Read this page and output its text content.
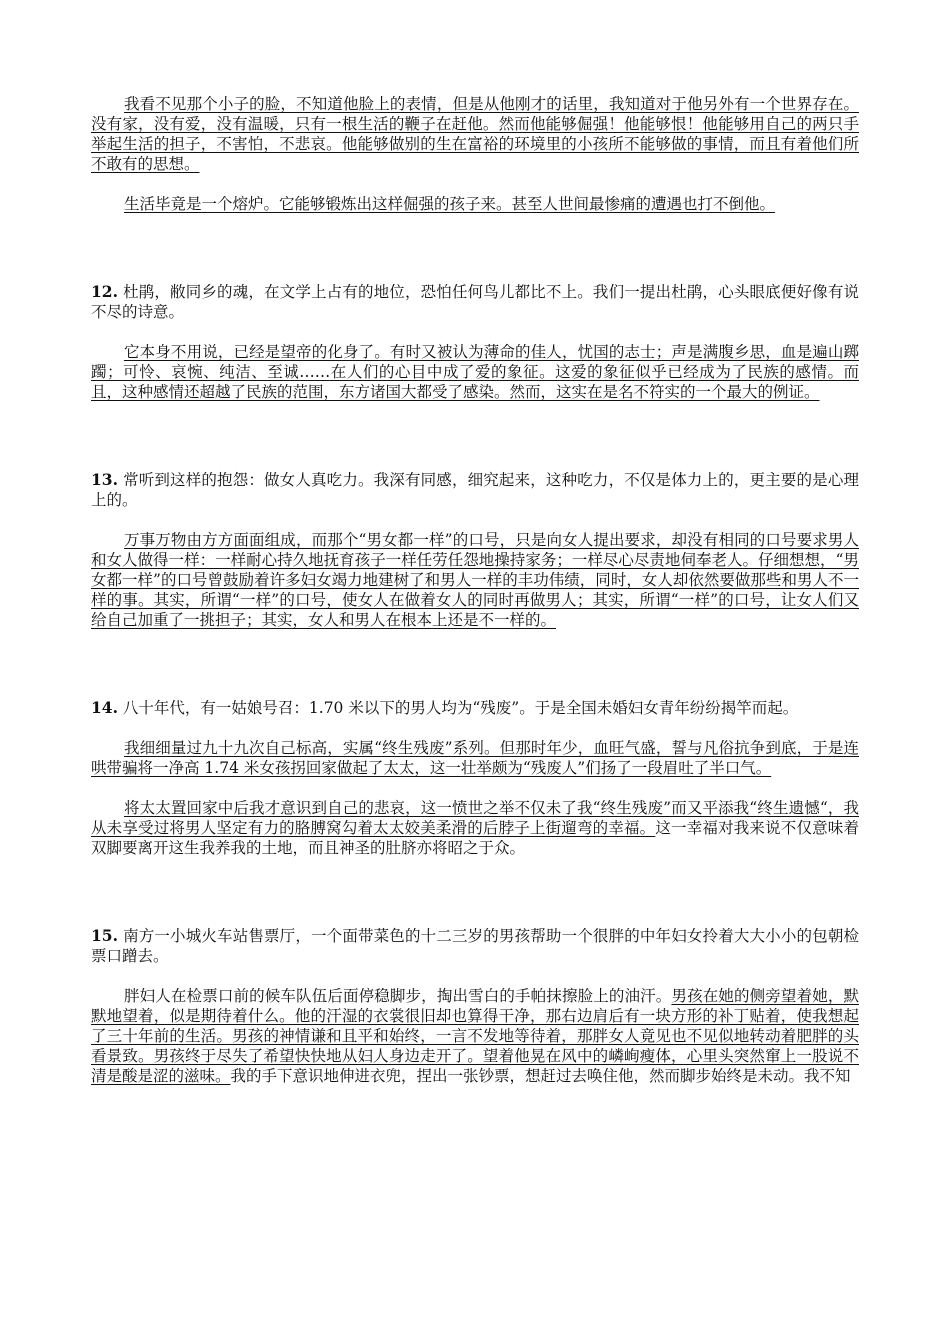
我看不见那个小子的脸，不知道他脸上的表情，但是从他刚才的话里，我知道对于他另外有一个世界存在。没有家，没有爱，没有温暖，只有一根生活的鞭子在赶他。然而他能够倔强！他能够恨！他能够用自己的两只手举起生活的担子，不害怕，不悲哀。他能够做别的生在富裕的环境里的小孩所不能够做的事情，而且有着他们所不敢有的思想。

生活毕竟是一个熔炉。它能够锻炼出这样倔强的孩子来。甚至人世间最惨痛的遭遇也打不倒他。

12. 杜鹃，敝同乡的魂，在文学上占有的地位，恐怕任何鸟儿都比不上。我们一提出杜鹃，心头眼底便好像有说不尽的诗意。

它本身不用说，已经是望帝的化身了。有时又被认为薄命的佳人，忧国的志士；声是满腹乡思，血是遍山踯躅；可怜、哀惋、纯洁、至诚……在人们的心目中成了爱的象征。这爱的象征似乎已经成为了民族的感情。而且，这种感情还超越了民族的范围，东方诸国大都受了感染。然而，这实在是名不符实的一个最大的例证。

13. 常听到这样的抱怨：做女人真吃力。我深有同感，细究起来，这种吃力，不仅是体力上的，更主要的是心理上的。

万事万物由方方面面组成，而那个“男女都一样”的口号，只是向女人提出要求，却没有相同的口号要求男人和女人做得一样：一样耐心持久地抚育孩子一样任劳任怨地操持家务；一样尽心尽责地伺奉老人。仔细想想，“男女都一样”的口号曾鼓励着许多妇女竭力地建树了和男人一样的丰功伟绩，同时，女人却依然要做那些和男人不一样的事。其实，所谓“一样”的口号，使女人在做着女人的同时再做男人；其实，所谓“一样”的口号，让女人们又给自己加重了一挑担子；其实，女人和男人在根本上还是不一样的。

14. 八十年代，有一姑娘号召：1.70 米以下的男人均为“残废”。于是全国未婚妇女青年纷纷揭竿而起。

我细细量过九十九次自己标高，实属“终生残废”系列。但那时年少，血旺气盛，誓与凡俗抗争到底，于是连哄带骗将一净高 1.74 米女孩拐回家做起了太太，这一壮举颇为“残废人”们扬了一段眉吐了半口气。

将太太置回家中后我才意识到自己的悲哀，这一愤世之举不仅未了我“终生残废”而又平添我“终生遗憾“，我从未享受过将男人坚定有力的胳膊窝勾着太太姣美柔滑的后脖子上街遛弯的幸福。这一幸福对我来说不仅意味着双脚要离开这生我养我的土地，而且神圣的肚脐亦将昭之于众。

15. 南方一小城火车站售票厅，一个面带菜色的十二三岁的男孩帮助一个很胖的中年妇女拎着大大小小的包朝检票口蹭去。

胖妇人在检票口前的候车队伍后面停稳脚步，掏出雪白的手帕抹擦脸上的油汗。男孩在她的侧旁望着她，默默地望着，似是期待着什么。他的汗湿的衣裳很旧却也算得干净，那右边肩后有一块方形的补丁贴着，使我想起了三十年前的生活。男孩的神情谦和且平和始终，一言不发地等待着，那胖女人竟见也不见似地转动着肥胖的头看景致。男孩终于尽失了希望快快地从妇人身边走开了。望着他晃在风中的嶙峋瘦体，心里头突然窜上一股说不清是酸是涩的滋味。我的手下意识地伸进衣兜，捏出一张钞票，想赶过去唤住他，然而脚步始终是未动。我不知
